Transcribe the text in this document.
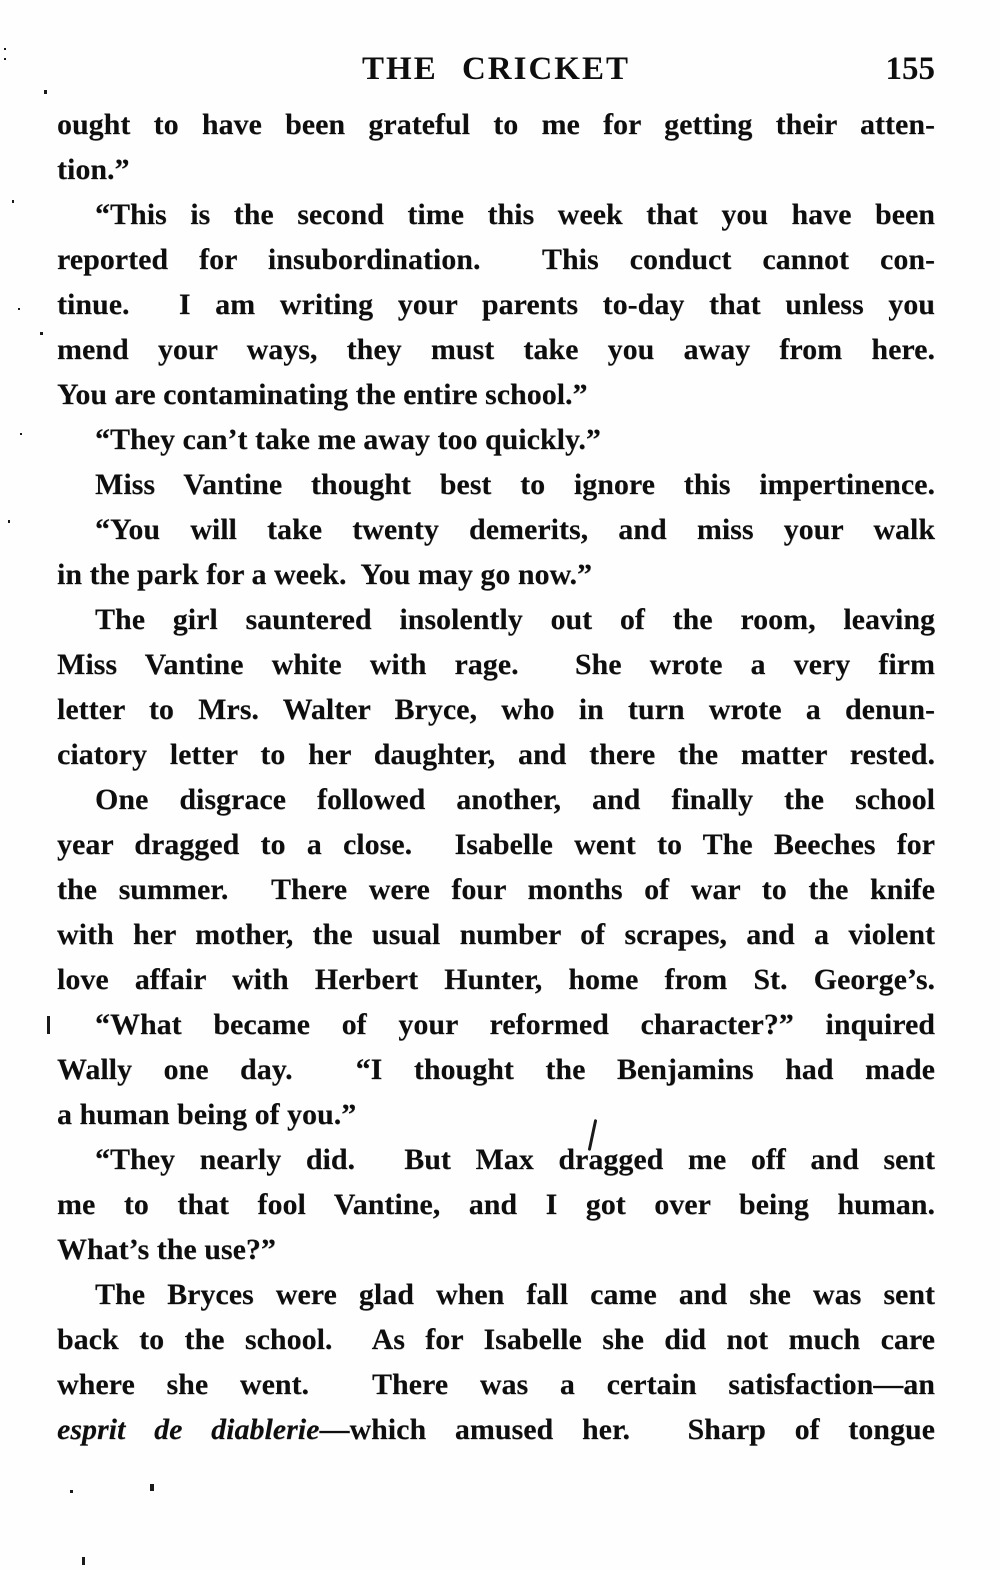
THE CRICKET	155
ought to have been grateful to me for getting their atten-
tion.”
“This is the second time this week that you have been
reported for insubordination.  This conduct cannot con-
tinue.  I am writing your parents to-day that unless you
mend your ways, they must take you away from here.
You are contaminating the entire school.”
“They can’t take me away too quickly.”
Miss Vantine thought best to ignore this impertinence.
“You will take twenty demerits, and miss your walk
in the park for a week.  You may go now.”
The girl sauntered insolently out of the room, leaving
Miss Vantine white with rage.  She wrote a very firm
letter to Mrs. Walter Bryce, who in turn wrote a denun-
ciatory letter to her daughter, and there the matter rested.
One disgrace followed another, and finally the school
year dragged to a close.  Isabelle went to The Beeches for
the summer.  There were four months of war to the knife
with her mother, the usual number of scrapes, and a violent
love affair with Herbert Hunter, home from St. George’s.
“What became of your reformed character?” inquired
Wally one day.  “I thought the Benjamins had made
a human being of you.”
“They nearly did.  But Max dragged me off and sent
me to that fool Vantine, and I got over being human.
What’s the use?”
The Bryces were glad when fall came and she was sent
back to the school.  As for Isabelle she did not much care
where she went.  There was a certain satisfaction—an
esprit de diablerie—which amused her.  Sharp of tongue
